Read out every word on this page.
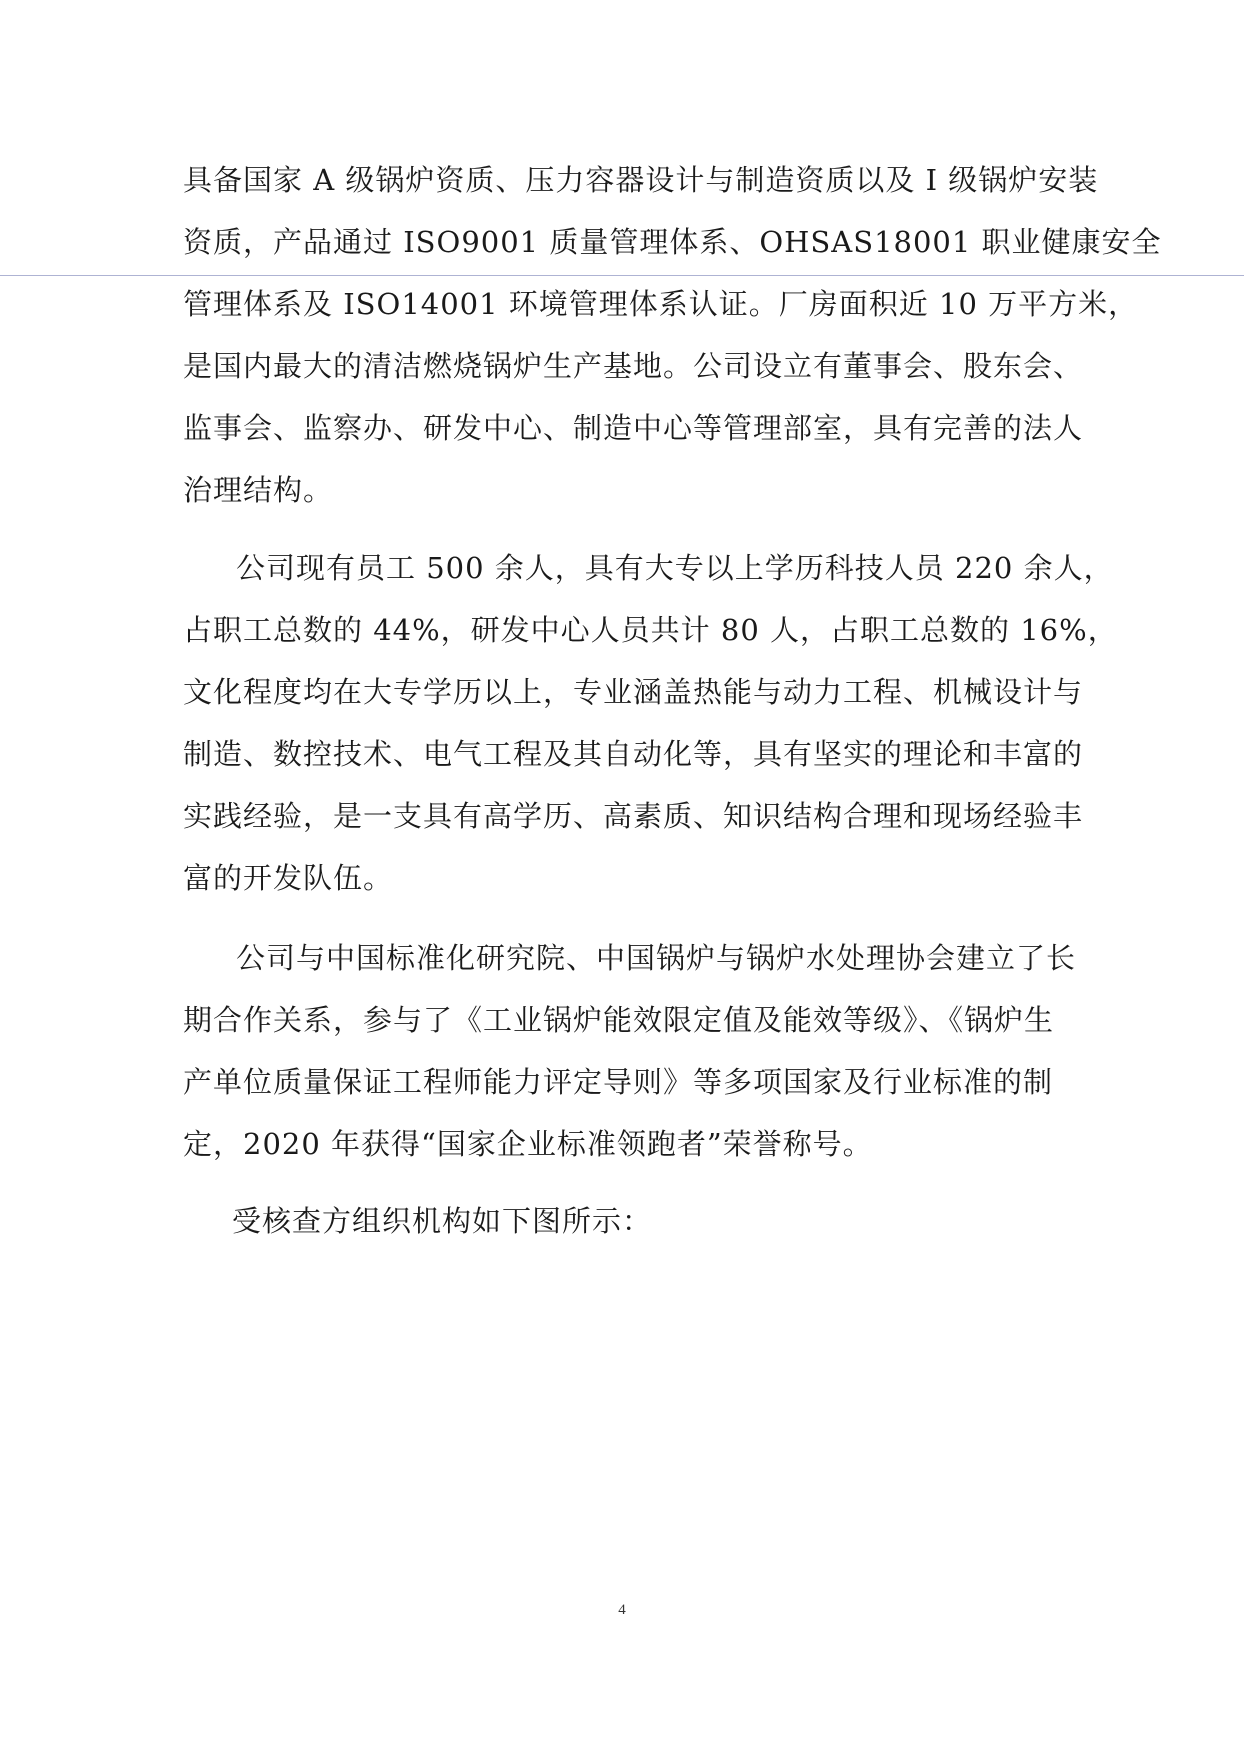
具备国家 A 级锅炉资质、压力容器设计与制造资质以及 I 级锅炉安装
资质，产品通过 ISO9001 质量管理体系、OHSAS18001 职业健康安全
管理体系及 ISO14001 环境管理体系认证。厂房面积近 10 万平方米，
是国内最大的清洁燃烧锅炉生产基地。公司设立有董事会、股东会、
监事会、监察办、研发中心、制造中心等管理部室，具有完善的法人
治理结构。
公司现有员工 500 余人，具有大专以上学历科技人员 220 余人，
占职工总数的 44%，研发中心人员共计 80 人，占职工总数的 16%，
文化程度均在大专学历以上，专业涵盖热能与动力工程、机械设计与
制造、数控技术、电气工程及其自动化等，具有坚实的理论和丰富的
实践经验，是一支具有高学历、高素质、知识结构合理和现场经验丰
富的开发队伍。
公司与中国标准化研究院、中国锅炉与锅炉水处理协会建立了长
期合作关系，参与了《工业锅炉能效限定值及能效等级》、《锅炉生
产单位质量保证工程师能力评定导则》等多项国家及行业标准的制
定，2020 年获得“国家企业标准领跑者”荣誉称号。
受核查方组织机构如下图所示：
4
